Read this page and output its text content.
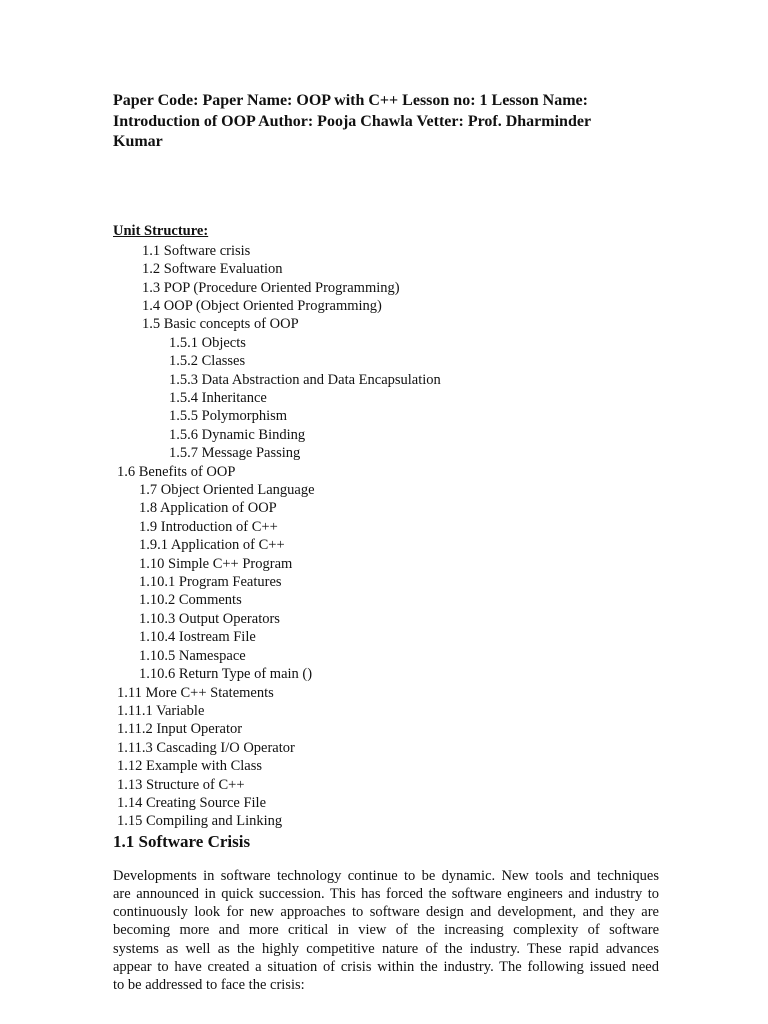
Paper Code: Paper Name: OOP with C++ Lesson no: 1 Lesson Name:
Introduction of OOP Author: Pooja Chawla Vetter: Prof. Dharminder
Kumar
Unit Structure:
1.1 Software crisis
1.2 Software Evaluation
1.3 POP (Procedure Oriented Programming)
1.4 OOP (Object Oriented Programming)
1.5 Basic concepts of OOP
1.5.1 Objects
1.5.2 Classes
1.5.3 Data Abstraction and Data Encapsulation
1.5.4 Inheritance
1.5.5 Polymorphism
1.5.6 Dynamic Binding
1.5.7 Message Passing
1.6 Benefits of OOP
1.7 Object Oriented Language
1.8 Application of OOP
1.9 Introduction of C++
1.9.1 Application of C++
1.10 Simple C++ Program
1.10.1 Program Features
1.10.2 Comments
1.10.3 Output Operators
1.10.4 Iostream File
1.10.5 Namespace
1.10.6 Return Type of main ()
1.11 More C++ Statements
1.11.1 Variable
1.11.2 Input Operator
1.11.3 Cascading I/O Operator
1.12 Example with Class
1.13 Structure of C++
1.14 Creating Source File
1.15 Compiling and Linking
1.1 Software Crisis
Developments in software technology continue to be dynamic. New tools and techniques
are announced in quick succession. This has forced the software engineers and industry to
continuously look for new approaches to software design and development, and they are
becoming more and more critical in view of the increasing complexity of software
systems as well as the highly competitive nature of the industry. These rapid advances
appear to have created a situation of crisis within the industry. The following issued need
to be addressed to face the crisis:
